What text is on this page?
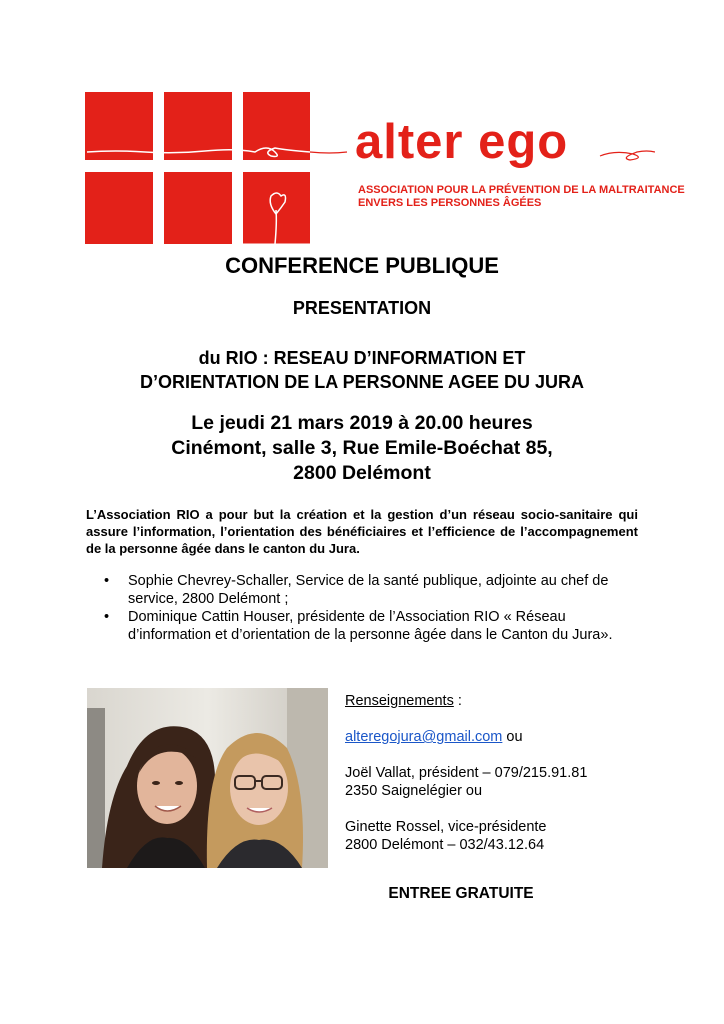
alter ego
ASSOCIATION POUR LA PRÉVENTION DE LA MALTRAITANCE
ENVERS LES PERSONNES ÂGÉES
CONFERENCE PUBLIQUE
PRESENTATION
du RIO : RESEAU D’INFORMATION ET
D’ORIENTATION DE LA PERSONNE AGEE DU JURA
Le jeudi 21 mars 2019 à 20.00 heures
Cinémont, salle 3, Rue Emile-Boéchat 85,
2800 Delémont

L’Association RIO a pour but la création et la gestion d’un réseau socio-sanitaire qui assure l’information, l’orientation des bénéficiaires et l’efficience de l’accompagnement de la personne âgée dans le canton du Jura.

• Sophie Chevrey-Schaller, Service de la santé publique, adjointe au chef de service, 2800 Delémont ;
• Dominique Cattin Houser, présidente de l’Association RIO « Réseau d’information et d’orientation de la personne âgée dans le Canton du Jura».

Renseignements :

alteregojura@gmail.com ou

Joël Vallat, président – 079/215.91.81

2350 Saignelégier ou

Ginette Rossel, vice-présidente

2800 Delémont – 032/43.12.64

ENTREE GRATUITE
